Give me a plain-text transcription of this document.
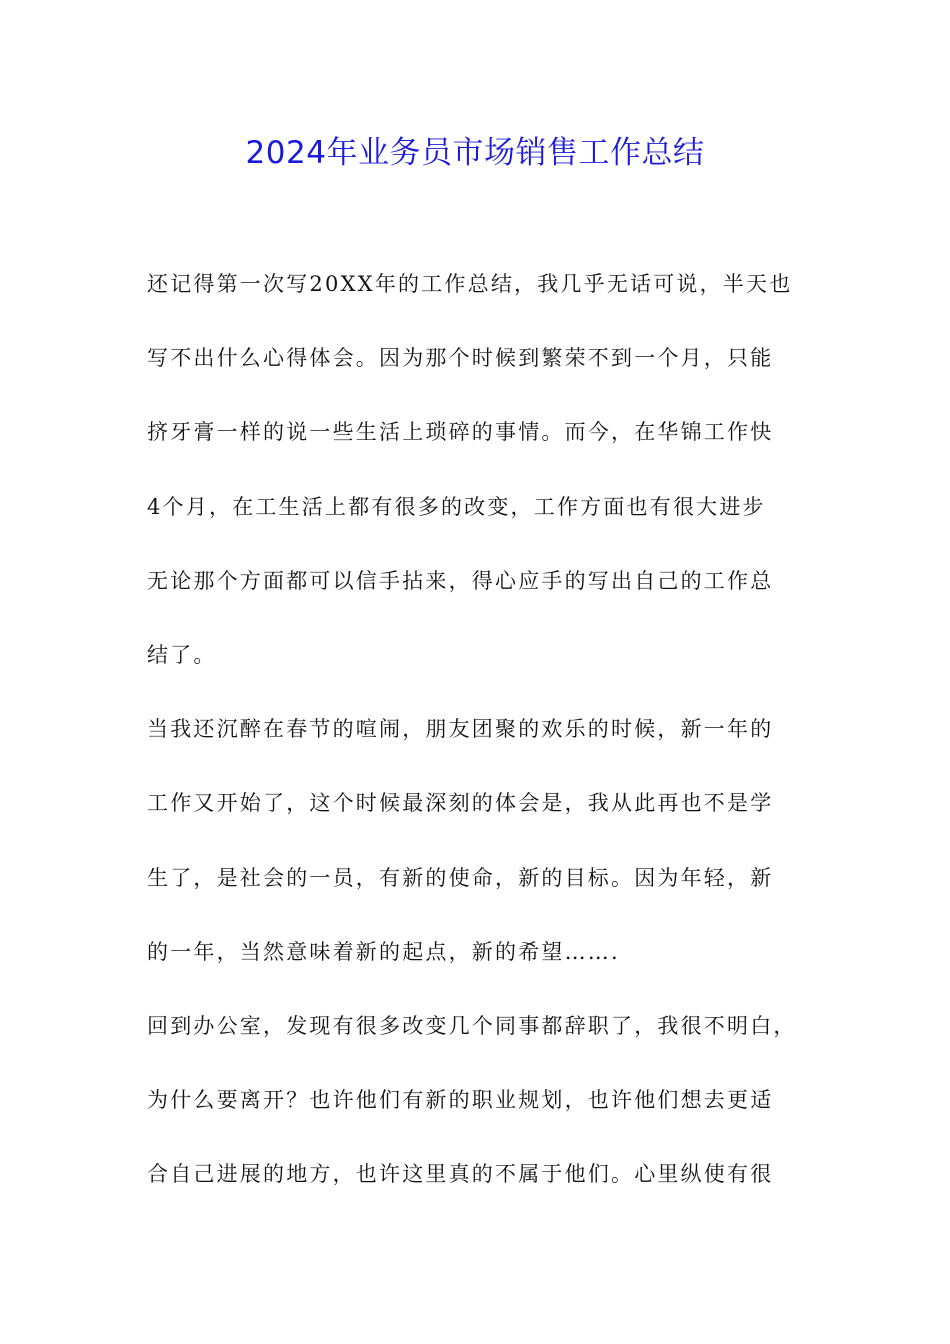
2024年业务员市场销售工作总结

还记得第一次写20XX年的工作总结，我几乎无话可说，半天也

写不出什么心得体会。因为那个时候到繁荣不到一个月，只能

挤牙膏一样的说一些生活上琐碎的事情。而今，在华锦工作快

4个月，在工生活上都有很多的改变，工作方面也有很大进步

无论那个方面都可以信手拈来，得心应手的写出自己的工作总

结了。

当我还沉醉在春节的喧闹，朋友团聚的欢乐的时候，新一年的

工作又开始了，这个时候最深刻的体会是，我从此再也不是学

生了，是社会的一员，有新的使命，新的目标。因为年轻，新

的一年，当然意味着新的起点，新的希望…….

回到办公室，发现有很多改变几个同事都辞职了，我很不明白，

为什么要离开？也许他们有新的职业规划，也许他们想去更适

合自己进展的地方，也许这里真的不属于他们。心里纵使有很
